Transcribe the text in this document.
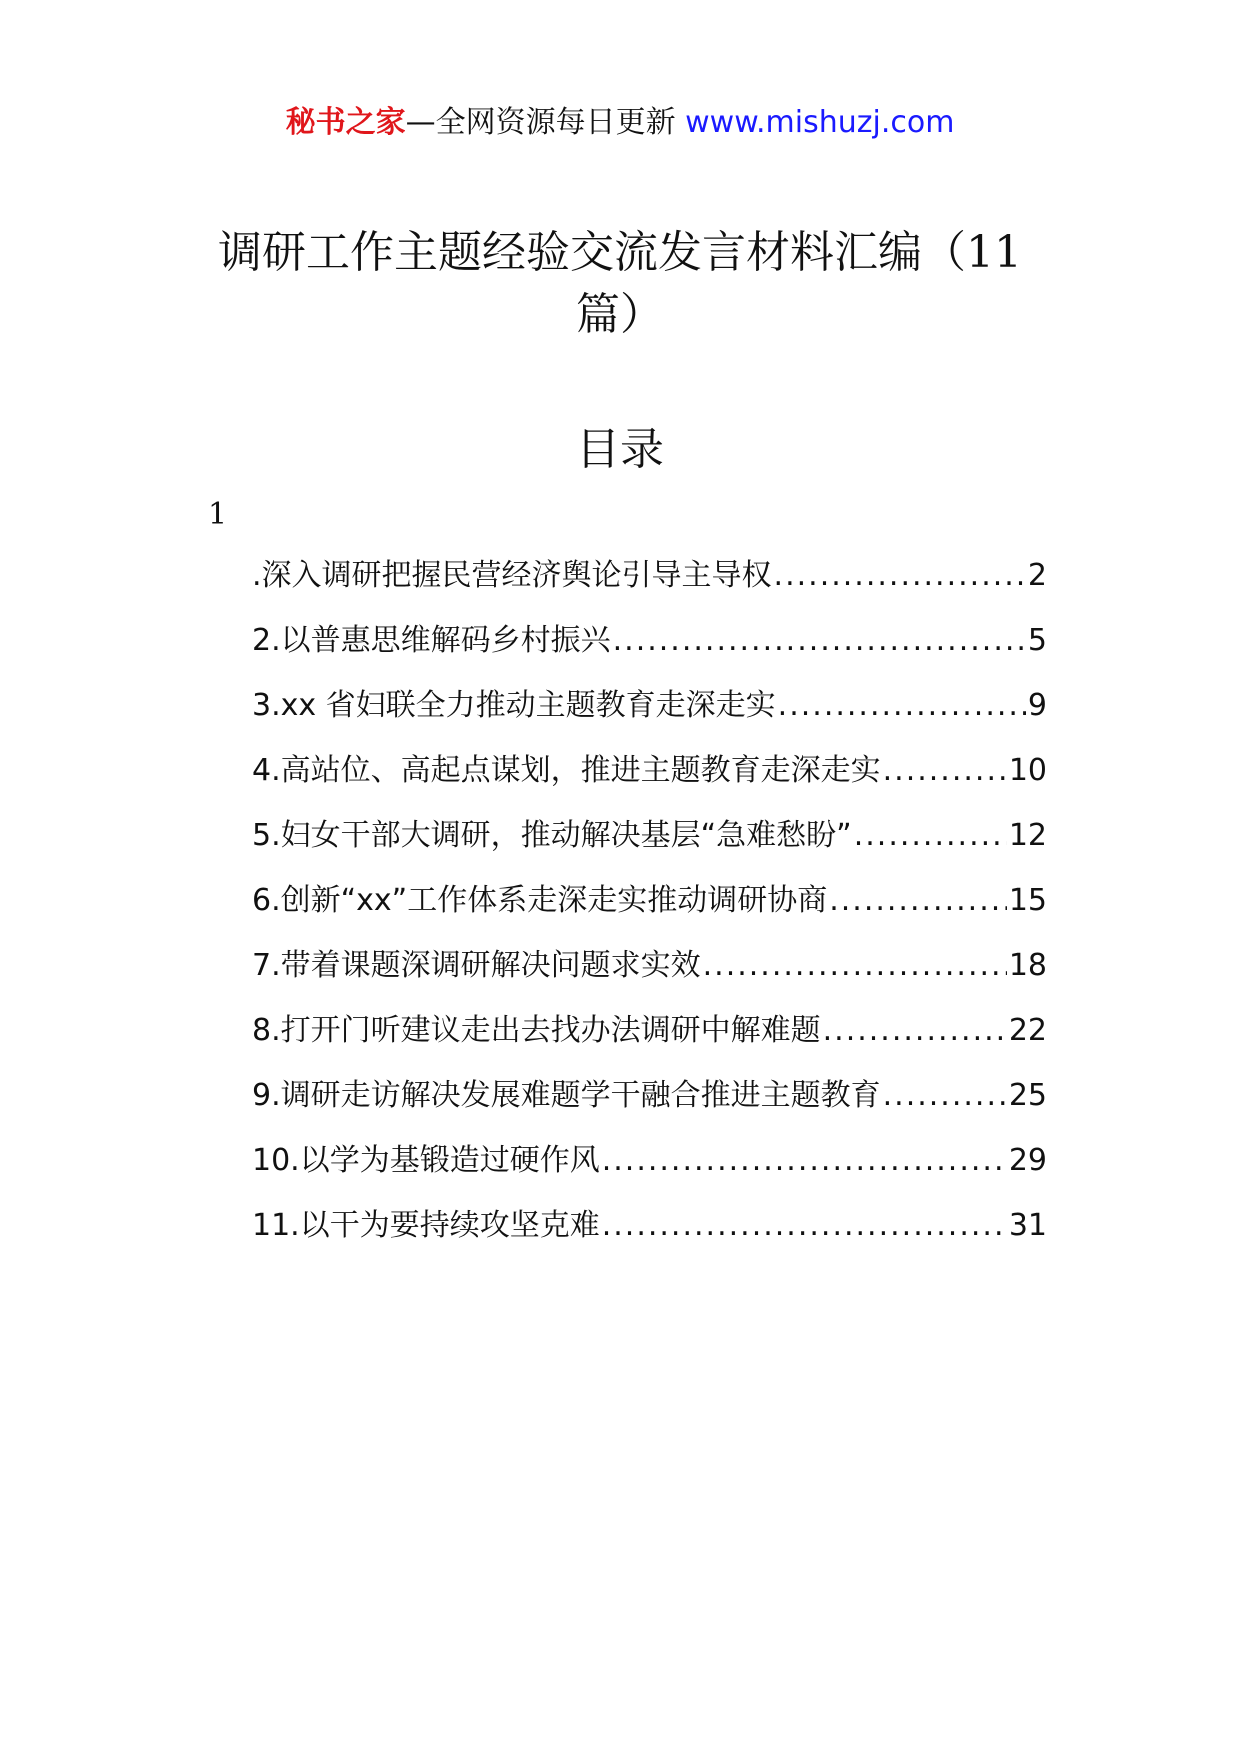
秘书之家—全网资源每日更新 www.mishuzj.com
调研工作主题经验交流发言材料汇编（11
篇）
目录
1
.深入调研把握民营经济舆论引导主导权 .....	2
2.以普惠思维解码乡村振兴 .....	5
3.xx 省妇联全力推动主题教育走深走实 .....	9
4.高站位、高起点谋划，推进主题教育走深走实 .....	10
5.妇女干部大调研，推动解决基层“急难愁盼” .....	12
6.创新“xx”工作体系走深走实推动调研协商 .....	15
7.带着课题深调研解决问题求实效 .....	18
8.打开门听建议走出去找办法调研中解难题 .....	22
9.调研走访解决发展难题学干融合推进主题教育 .....	25
10.以学为基锻造过硬作风 .....	29
11.以干为要持续攻坚克难 .....	31
